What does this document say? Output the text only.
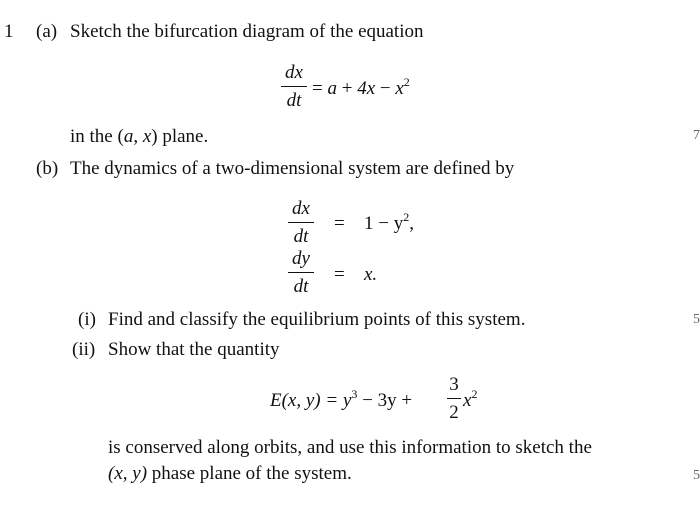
1 (a) Sketch the bifurcation diagram of the equation
dx
dt
= $a + 4x - x^2$
in the (a, x) plane.
(b) The dynamics of a two-dimensional system are defined by
dx
dt
= $1 - y^2$,
dy
dt
= x.
(i) Find and classify the equilibrium points of this system.
(ii) Show that the quantity
E(x, $y) = y^3 - 3y$ +
3
2
$x^2$
is conserved along orbits, and use this information to sketch the
(x, y) phase plane of the system.
7
5
5
